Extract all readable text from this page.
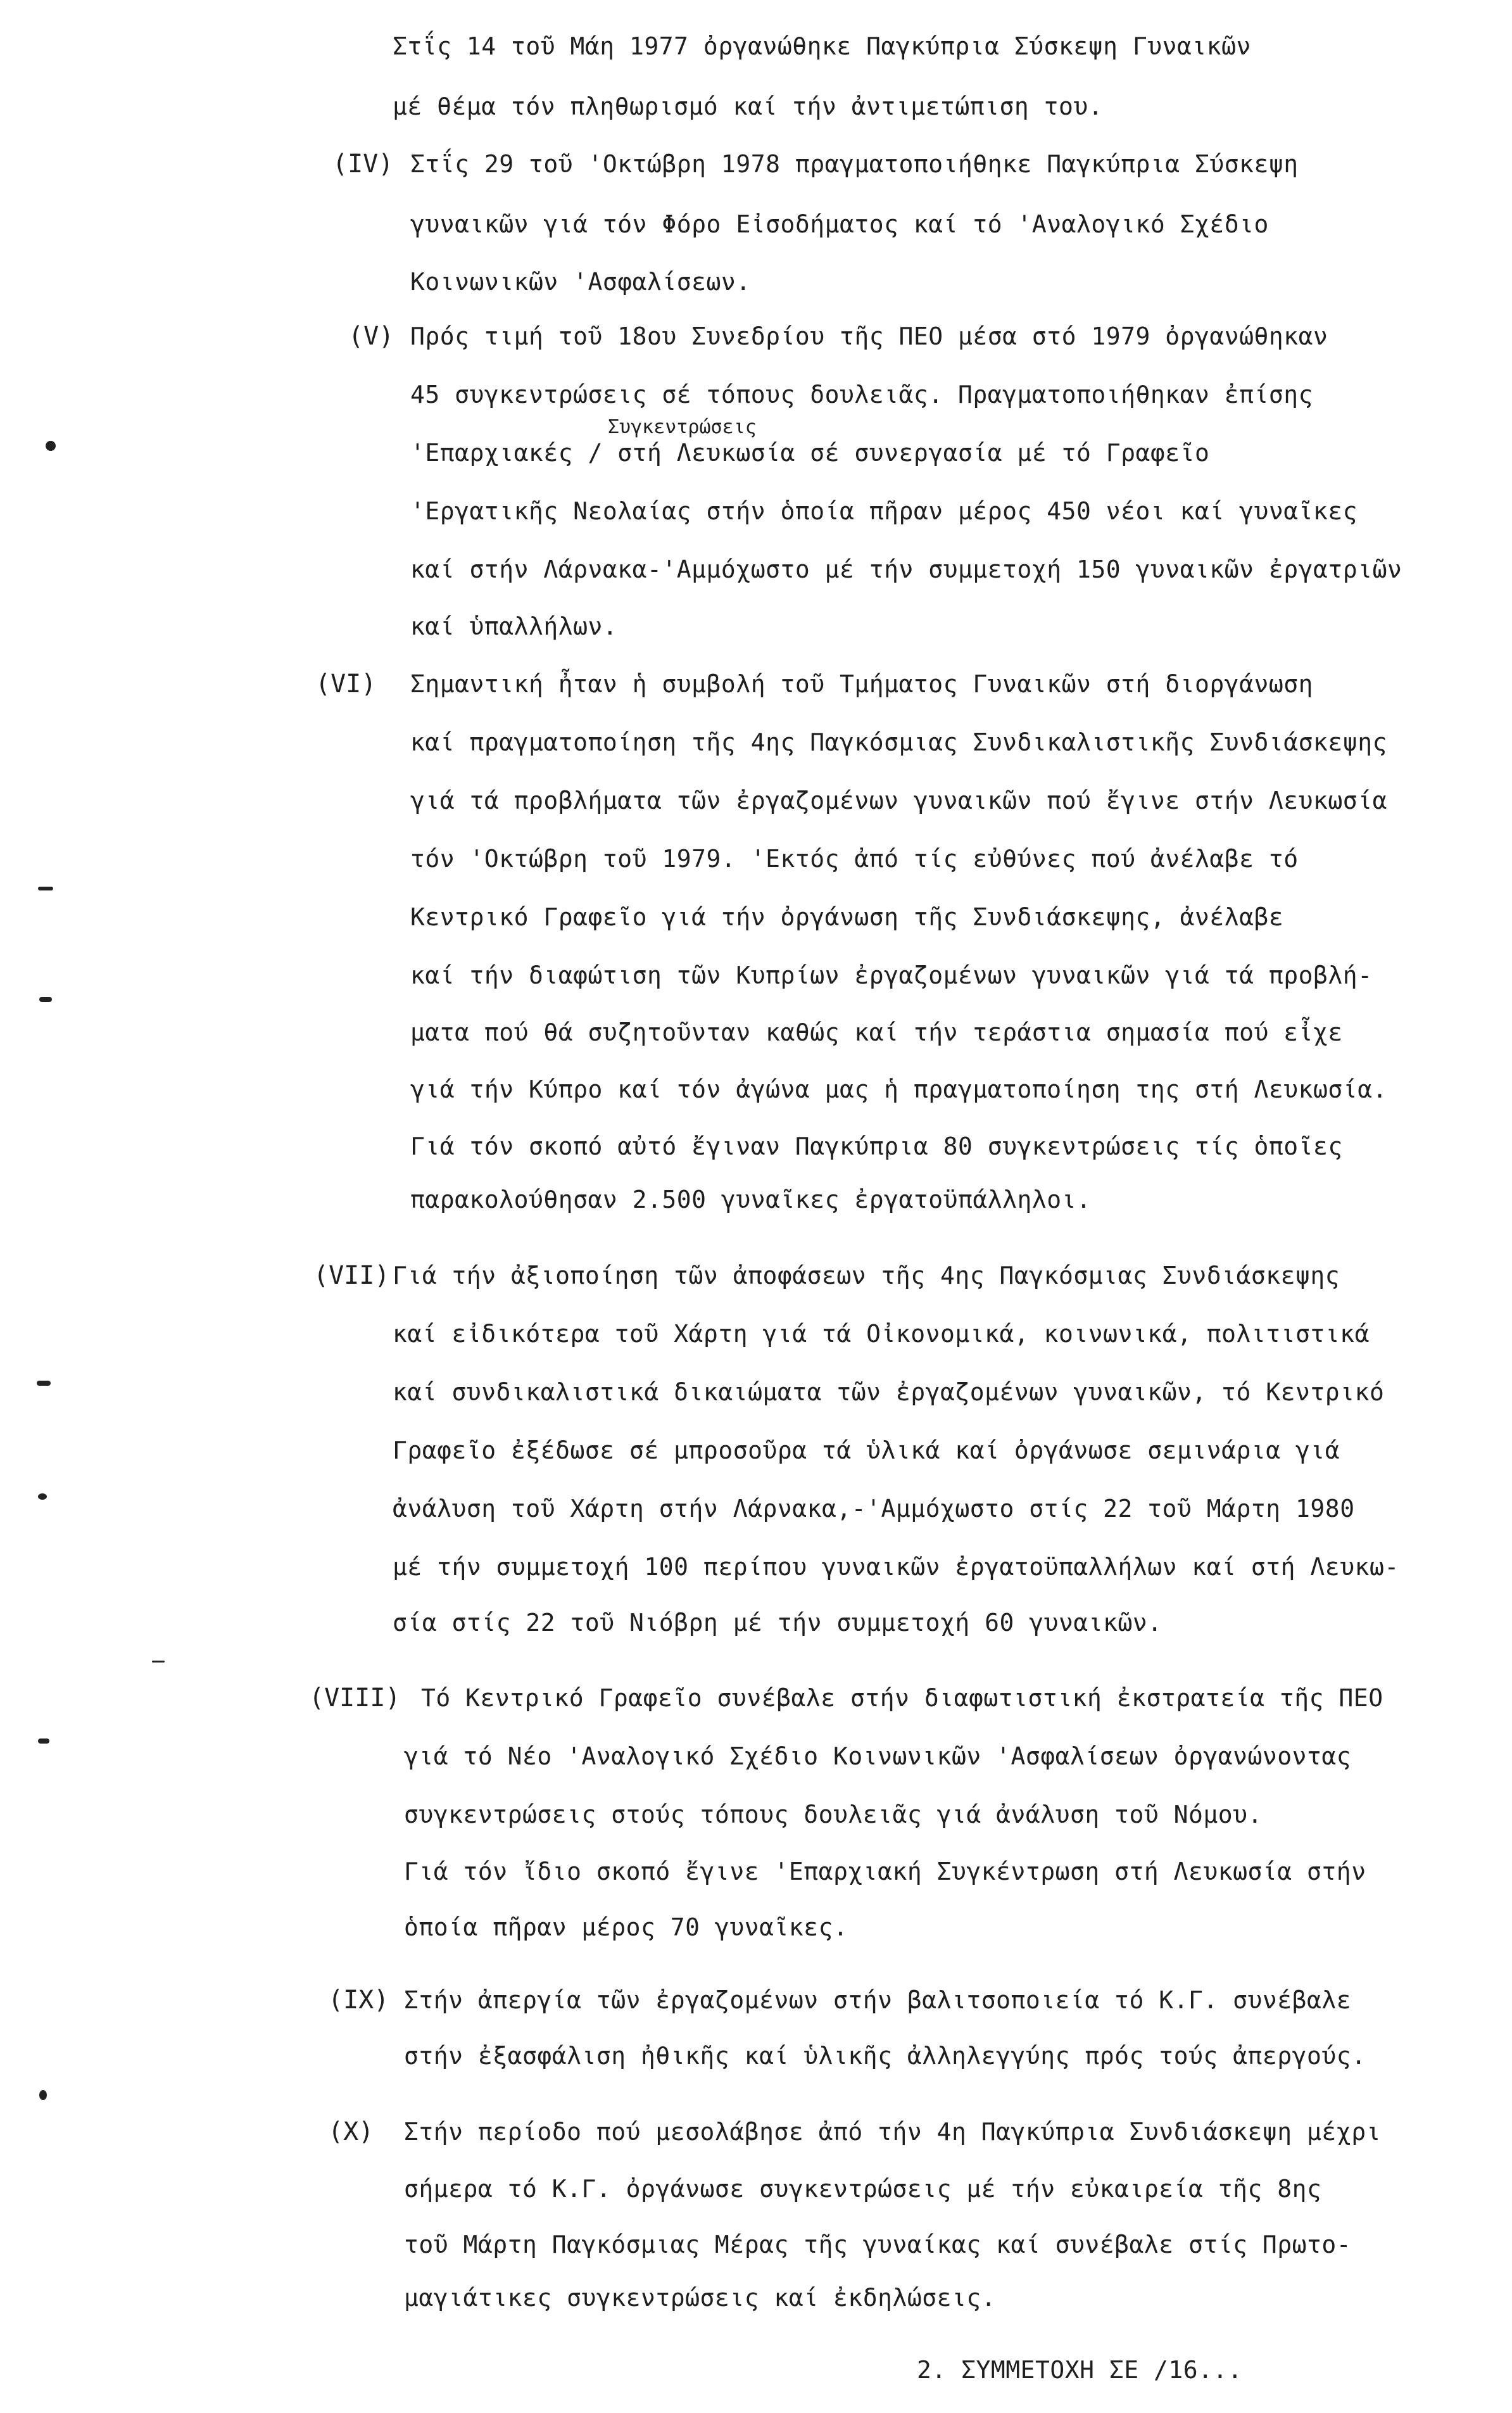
Στΐς 14 τοῦ Μάη 1977 ὀργανώθηκε Παγκύπρια Σύσκεψη Γυναικῶν
μέ θέμα τόν πληθωρισμό καί τήν ἀντιμετώπιση του.
(IV) Στΐς 29 τοῦ 'Οκτώβρη 1978 πραγματοποιήθηκε Παγκύπρια Σύσκεψη
γυναικῶν γιά τόν Φόρο Εἰσοδήματος καί τό 'Αναλογικό Σχέδιο
Κοινωνικῶν 'Ασφαλίσεων.
(V) Πρός τιμή τοῦ 18ου Συνεδρίου τῆς ΠΕΟ μέσα στό 1979 ὀργανώθηκαν
45 συγκεντρώσεις σέ τόπους δουλειᾶς. Πραγματοποιήθηκαν ἐπίσης
Συγκεντρώσεις
'Επαρχιακές / στή Λευκωσία σέ συνεργασία μέ τό Γραφεῖο
'Εργατικῆς Νεολαίας στήν ὁποία πῆραν μέρος 450 νέοι καί γυναῖκες
καί στήν Λάρνακα-'Αμμόχωστο μέ τήν συμμετοχή 150 γυναικῶν ἐργατριῶν
καί ὑπαλλήλων.
(VI) Σημαντική ἦταν ἡ συμβολή τοῦ Τμήματος Γυναικῶν στή διοργάνωση
καί πραγματοποίηση τῆς 4ης Παγκόσμιας Συνδικαλιστικῆς Συνδιάσκεψης
γιά τά προβλήματα τῶν ἐργαζομένων γυναικῶν πού ἔγινε στήν Λευκωσία
τόν 'Οκτώβρη τοῦ 1979. 'Εκτός ἀπό τίς εὐθύνες πού ἀνέλαβε τό
Κεντρικό Γραφεῖο γιά τήν ὀργάνωση τῆς Συνδιάσκεψης, ἀνέλαβε
καί τήν διαφώτιση τῶν Κυπρίων ἐργαζομένων γυναικῶν γιά τά προβλή-
ματα πού θά συζητοῦνταν καθώς καί τήν τεράστια σημασία πού εἶχε
γιά τήν Κύπρο καί τόν ἀγώνα μας ἡ πραγματοποίηση της στή Λευκωσία.
Γιά τόν σκοπό αὐτό ἔγιναν Παγκύπρια 80 συγκεντρώσεις τίς ὁποῖες
παρακολούθησαν 2.500 γυναῖκες ἐργατοϋπάλληλοι.
(VII) Γιά τήν ἀξιοποίηση τῶν ἀποφάσεων τῆς 4ης Παγκόσμιας Συνδιάσκεψης
καί εἰδικότερα τοῦ Χάρτη γιά τά Οἰκονομικά, κοινωνικά, πολιτιστικά
καί συνδικαλιστικά δικαιώματα τῶν ἐργαζομένων γυναικῶν, τό Κεντρικό
Γραφεῖο ἐξέδωσε σέ μπροσοῦρα τά ὑλικά καί ὀργάνωσε σεμινάρια γιά
ἀνάλυση τοῦ Χάρτη στήν Λάρνακα,-'Αμμόχωστο στίς 22 τοῦ Μάρτη 1980
μέ τήν συμμετοχή 100 περίπου γυναικῶν ἐργατοϋπαλλήλων καί στή Λευκω-
σία στίς 22 τοῦ Νιόβρη μέ τήν συμμετοχή 60 γυναικῶν.
(VIII) Τό Κεντρικό Γραφεῖο συνέβαλε στήν διαφωτιστική ἐκστρατεία τῆς ΠΕΟ
γιά τό Νέο 'Αναλογικό Σχέδιο Κοινωνικῶν 'Ασφαλίσεων ὀργανώνοντας
συγκεντρώσεις στούς τόπους δουλειᾶς γιά ἀνάλυση τοῦ Νόμου.
Γιά τόν ἴδιο σκοπό ἔγινε 'Επαρχιακή Συγκέντρωση στή Λευκωσία στήν
ὁποία πῆραν μέρος 70 γυναῖκες.
(IX) Στήν ἀπεργία τῶν ἐργαζομένων στήν βαλιτσοποιεία τό Κ.Γ. συνέβαλε
στήν ἐξασφάλιση ἠθικῆς καί ὑλικῆς ἀλληλεγγύης πρός τούς ἀπεργούς.
(X) Στήν περίοδο πού μεσολάβησε ἀπό τήν 4η Παγκύπρια Συνδιάσκεψη μέχρι
σήμερα τό Κ.Γ. ὀργάνωσε συγκεντρώσεις μέ τήν εὐκαιρεία τῆς 8ης
τοῦ Μάρτη Παγκόσμιας Μέρας τῆς γυναίκας καί συνέβαλε στίς Πρωτο-
μαγιάτικες συγκεντρώσεις καί ἐκδηλώσεις.
2. ΣΥΜΜΕΤΟΧΗ ΣΕ /16...
